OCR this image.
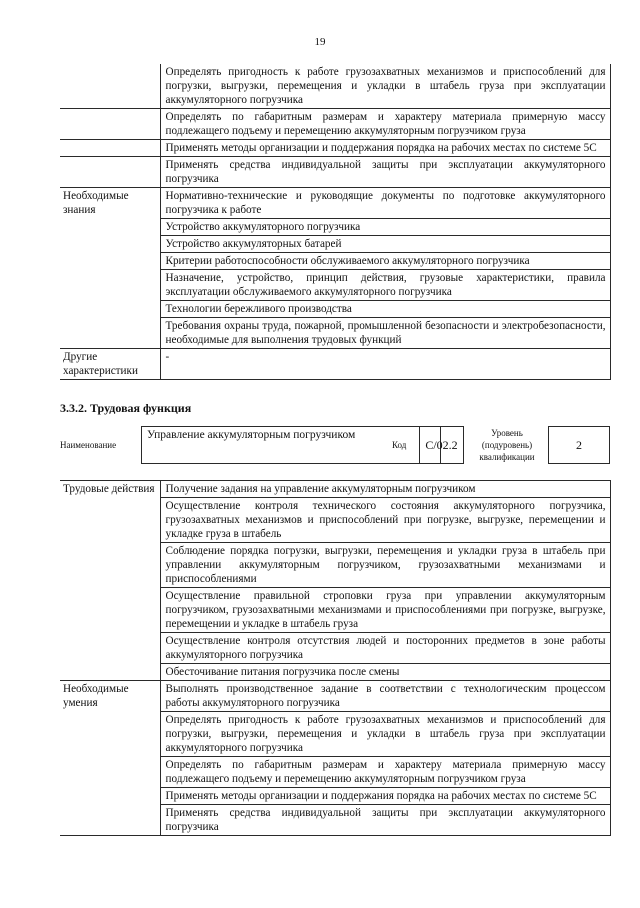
19
	Определять пригодность к работе грузозахватных механизмов и приспособлений для погрузки, выгрузки, перемещения и укладки в штабель груза при эксплуатации аккумуляторного погрузчика
	Определять по габаритным размерам и характеру материала примерную массу подлежащего подъему и перемещению аккумуляторным погрузчиком груза
	Применять методы организации и поддержания порядка на рабочих местах по системе 5С
	Применять средства индивидуальной защиты при эксплуатации аккумуляторного погрузчика
Необходимые знания	Нормативно-технические и руководящие документы по подготовке аккумуляторного погрузчика к работе
	Устройство аккумуляторного погрузчика
	Устройство аккумуляторных батарей
	Критерии работоспособности обслуживаемого аккумуляторного погрузчика
	Назначение, устройство, принцип действия, грузовые характеристики, правила эксплуатации обслуживаемого аккумуляторного погрузчика
	Технологии бережливого производства
	Требования охраны труда, пожарной, промышленной безопасности и электробезопасности, необходимые для выполнения трудовых функций
Другие характеристики	-
3.3.2. Трудовая функция
Наименование
Управление аккумуляторным погрузчиком
Код	C/02.2
Уровень (подуровень) квалификации
2
Трудовые действия	Получение задания на управление аккумуляторным погрузчиком
	Осуществление контроля технического состояния аккумуляторного погрузчика, грузозахватных механизмов и приспособлений при погрузке, выгрузке, перемещении и укладке груза в штабель
	Соблюдение порядка погрузки, выгрузки, перемещения и укладки груза в штабель при управлении аккумуляторным погрузчиком, грузозахватными механизмами и приспособлениями
	Осуществление правильной строповки груза при управлении аккумуляторным погрузчиком, грузозахватными механизмами и приспособлениями при погрузке, выгрузке, перемещении и укладке в штабель груза
	Осуществление контроля отсутствия людей и посторонних предметов в зоне работы аккумуляторного погрузчика
	Обесточивание питания погрузчика после смены
Необходимые умения	Выполнять производственное задание в соответствии с технологическим процессом работы аккумуляторного погрузчика
	Определять пригодность к работе грузозахватных механизмов и приспособлений для погрузки, выгрузки, перемещения и укладки в штабель груза при эксплуатации аккумуляторного погрузчика
	Определять по габаритным размерам и характеру материала примерную массу подлежащего подъему и перемещению аккумуляторным погрузчиком груза
	Применять методы организации и поддержания порядка на рабочих местах по системе 5С
	Применять средства индивидуальной защиты при эксплуатации аккумуляторного погрузчика
